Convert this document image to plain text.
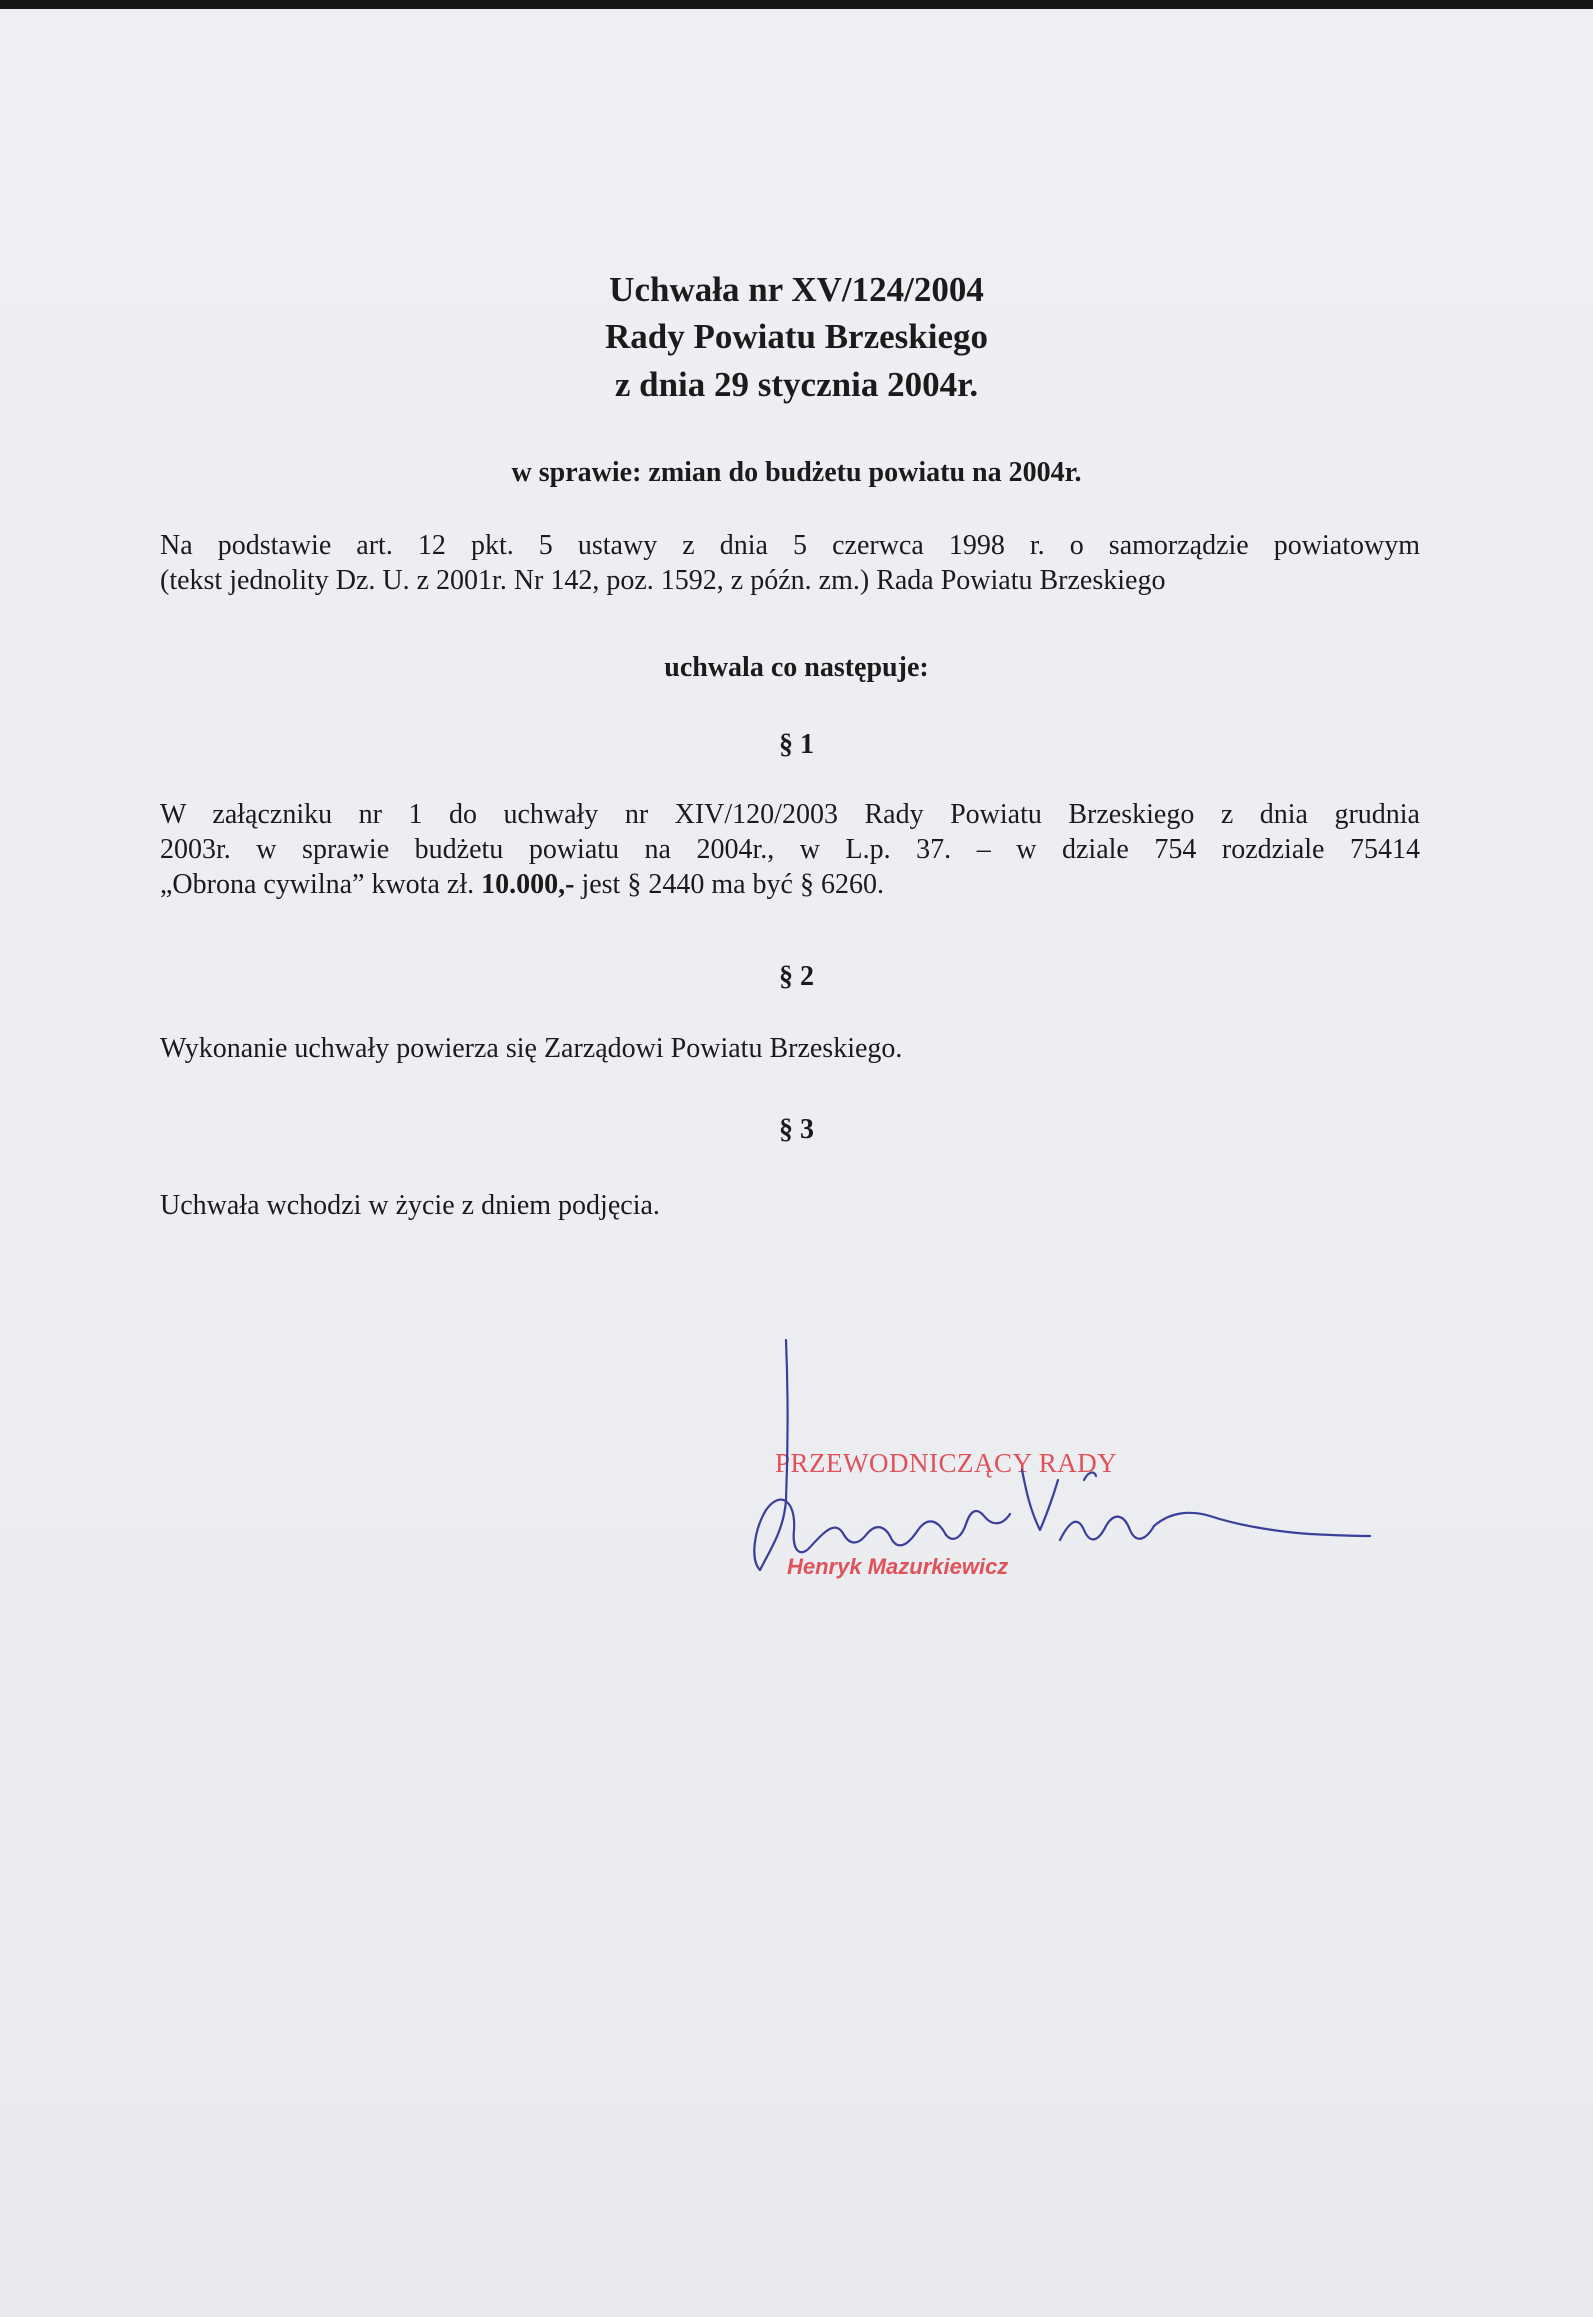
Uchwała nr XV/124/2004
Rady Powiatu Brzeskiego
z dnia 29 stycznia 2004r.
w sprawie: zmian do budżetu powiatu na 2004r.
Na podstawie art. 12 pkt. 5 ustawy z dnia 5 czerwca 1998 r. o samorządzie powiatowym
(tekst jednolity Dz. U. z 2001r. Nr 142, poz. 1592, z późn. zm.) Rada Powiatu Brzeskiego
uchwala co następuje:
§ 1
W załączniku nr 1 do uchwały nr XIV/120/2003 Rady Powiatu Brzeskiego z dnia grudnia
2003r. w sprawie budżetu powiatu na 2004r., w L.p. 37. – w dziale 754 rozdziale 75414
„Obrona cywilna” kwota zł. 10.000,- jest § 2440 ma być § 6260.
§ 2
Wykonanie uchwały powierza się Zarządowi Powiatu Brzeskiego.
§ 3
Uchwała wchodzi w życie z dniem podjęcia.
PRZEWODNICZĄCY RADY
Henryk Mazurkiewicz
